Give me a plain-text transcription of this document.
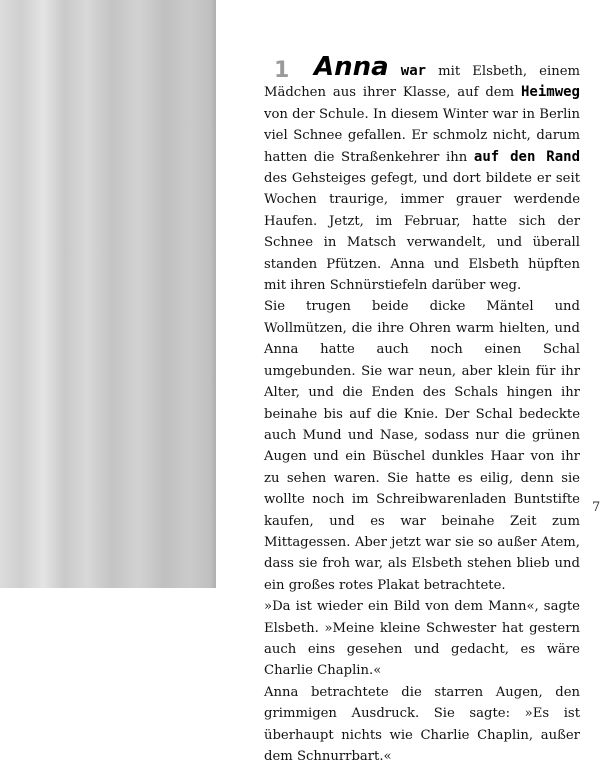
1 Anna war mit Elsbeth, einem Mädchen aus ihrer Klasse, auf dem Heimweg von der Schule. In diesem Winter war in Berlin viel Schnee gefallen. Er schmolz nicht, darum hatten die Straßenkehrer ihn auf den Rand des Gehsteiges gefegt, und dort bildete er seit Wochen traurige, immer grauer werdende Haufen. Jetzt, im Februar, hatte sich der Schnee in Matsch verwandelt, und überall standen Pfützen. Anna und Elsbeth hüpften mit ihren Schnürstiefeln darüber weg.

Sie trugen beide dicke Mäntel und Wollmützen, die ihre Ohren warm hielten, und Anna hatte auch noch einen Schal umgebunden. Sie war neun, aber klein für ihr Alter, und die Enden des Schals hingen ihr beinahe bis auf die Knie. Der Schal bedeckte auch Mund und Nase, sodass nur die grünen Augen und ein Büschel dunkles Haar von ihr zu sehen waren. Sie hatte es eilig, denn sie wollte noch im Schreibwarenladen Buntstifte kaufen, und es war beinahe Zeit zum Mittagessen. Aber jetzt war sie so außer Atem, dass sie froh war, als Elsbeth stehen blieb und ein großes rotes Plakat betrachtete.

»Da ist wieder ein Bild von dem Mann«, sagte Elsbeth. »Meine kleine Schwester hat gestern auch eins gesehen und gedacht, es wäre Charlie Chaplin.«

Anna betrachtete die starren Augen, den grimmigen Ausdruck. Sie sagte: »Es ist überhaupt nichts wie Charlie Chaplin, außer dem Schnurrbart.«

7
